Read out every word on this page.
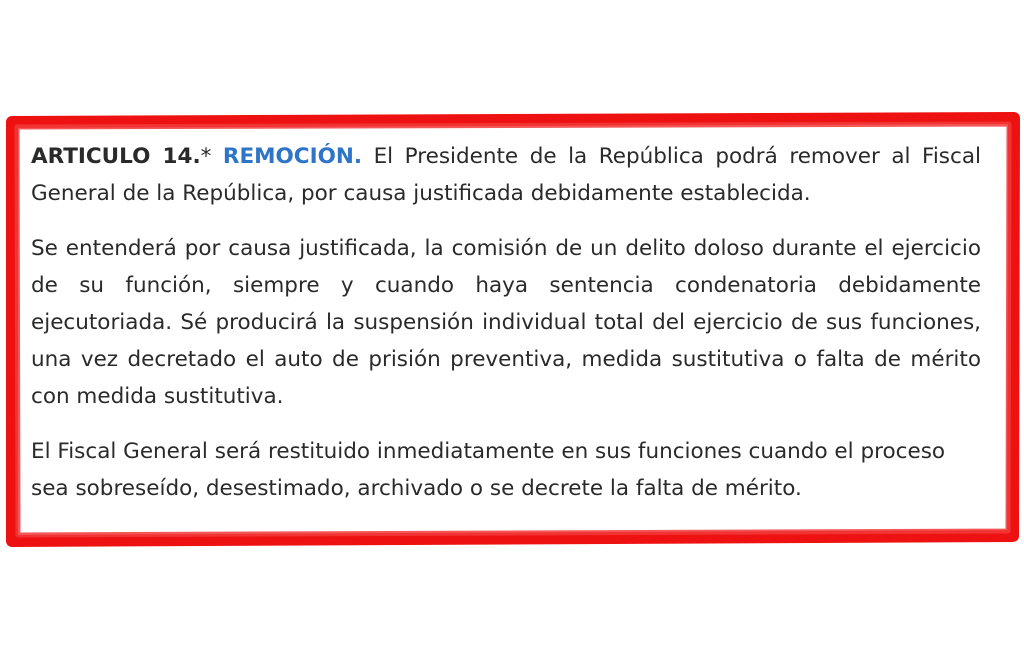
ARTICULO 14.* REMOCIÓN. El Presidente de la República podrá remover al Fiscal General de la República, por causa justificada debidamente establecida.

Se entenderá por causa justificada, la comisión de un delito doloso durante el ejercicio de su función, siempre y cuando haya sentencia condenatoria debidamente ejecutoriada. Sé producirá la suspensión individual total del ejercicio de sus funciones, una vez decretado el auto de prisión preventiva, medida sustitutiva o falta de mérito con medida sustitutiva.

El Fiscal General será restituido inmediatamente en sus funciones cuando el proceso sea sobreseído, desestimado, archivado o se decrete la falta de mérito.
